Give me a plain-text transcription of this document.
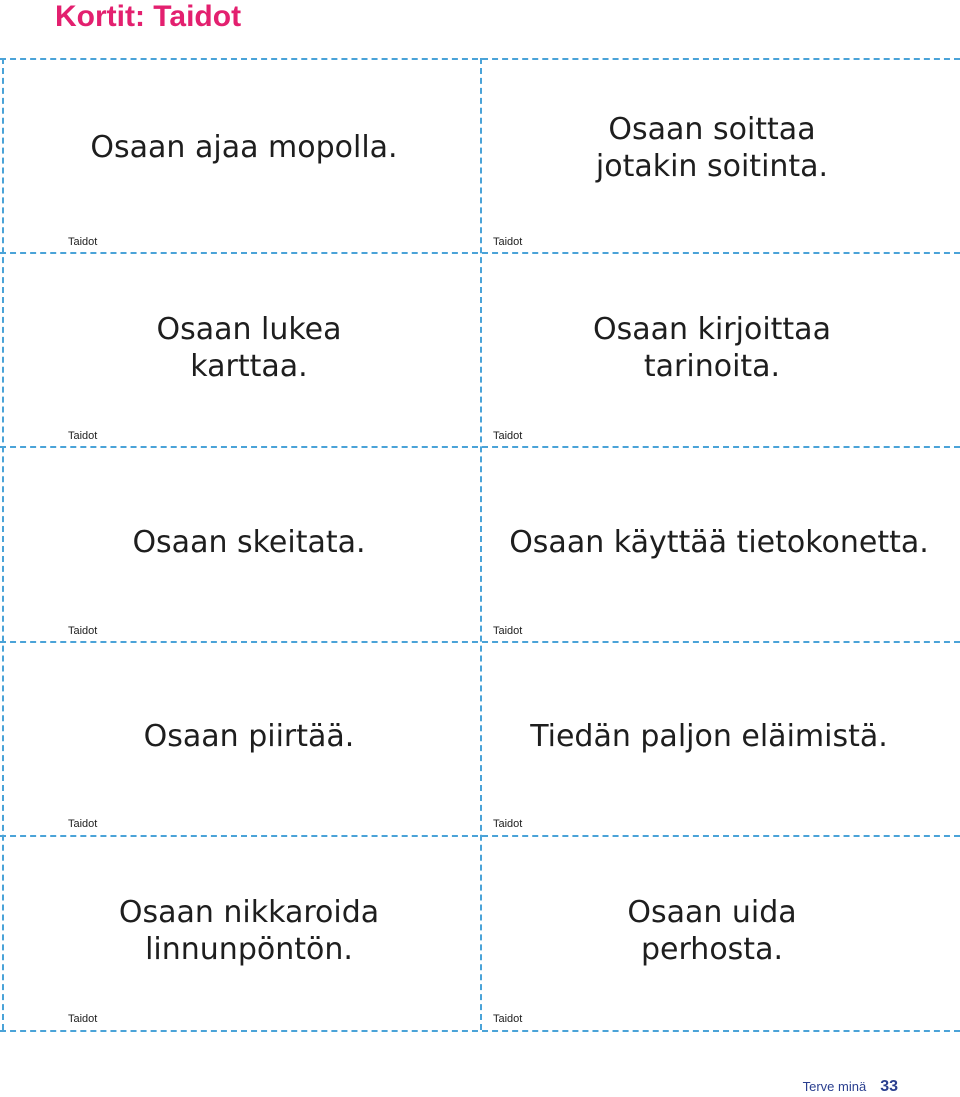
Kortit: Taidot
Osaan ajaa mopolla.
Taidot
Osaan soittaa
jotakin soitinta.
Taidot
Osaan lukea
karttaa.
Taidot
Osaan kirjoittaa
tarinoita.
Taidot
Osaan skeitata.
Taidot
Osaan käyttää tietokonetta.
Taidot
Osaan piirtää.
Taidot
Tiedän paljon eläimistä.
Taidot
Osaan nikkaroida
linnunpöntön.
Taidot
Osaan uida
perhosta.
Taidot
Terve minä 33
